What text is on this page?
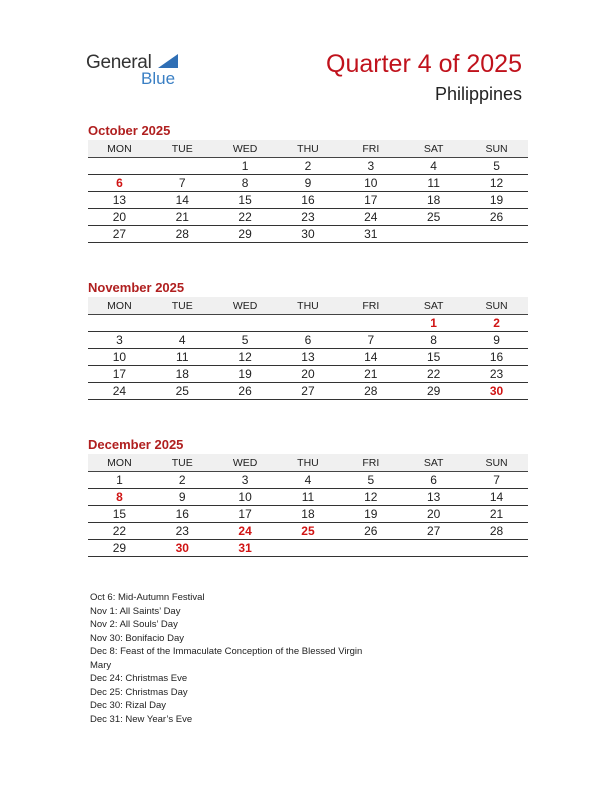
General
Blue
Quarter 4 of 2025
Philippines
October 2025
MON	TUE	WED	THU	FRI	SAT	SUN
		1	2	3	4	5
6	7	8	9	10	11	12
13	14	15	16	17	18	19
20	21	22	23	24	25	26
27	28	29	30	31		
November 2025
MON	TUE	WED	THU	FRI	SAT	SUN
					1	2
3	4	5	6	7	8	9
10	11	12	13	14	15	16
17	18	19	20	21	22	23
24	25	26	27	28	29	30
December 2025
MON	TUE	WED	THU	FRI	SAT	SUN
1	2	3	4	5	6	7
8	9	10	11	12	13	14
15	16	17	18	19	20	21
22	23	24	25	26	27	28
29	30	31				
Oct 6: Mid-Autumn Festival
Nov 1: All Saints’ Day
Nov 2: All Souls’ Day
Nov 30: Bonifacio Day
Dec 8: Feast of the Immaculate Conception of the Blessed Virgin
Mary
Dec 24: Christmas Eve
Dec 25: Christmas Day
Dec 30: Rizal Day
Dec 31: New Year’s Eve
